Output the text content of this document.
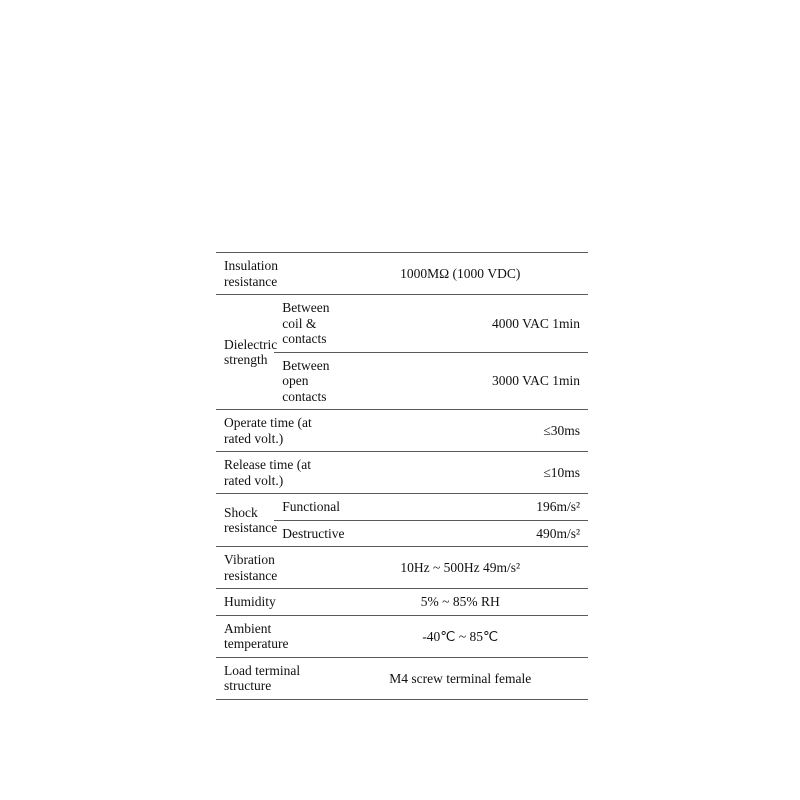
Insulation resistance		1000MΩ (1000 VDC)
Dielectric strength	Between coil & contacts	4000 VAC 1min
	Between open contacts	3000 VAC 1min
Operate time (at rated volt.)		≤30ms
Release time (at rated volt.)		≤10ms
Shock resistance	Functional	196m/s²
	Destructive	490m/s²
Vibration resistance		10Hz ~ 500Hz 49m/s²
Humidity		5% ~ 85% RH
Ambient temperature		-40℃ ~ 85℃
Load terminal structure		M4 screw terminal female
